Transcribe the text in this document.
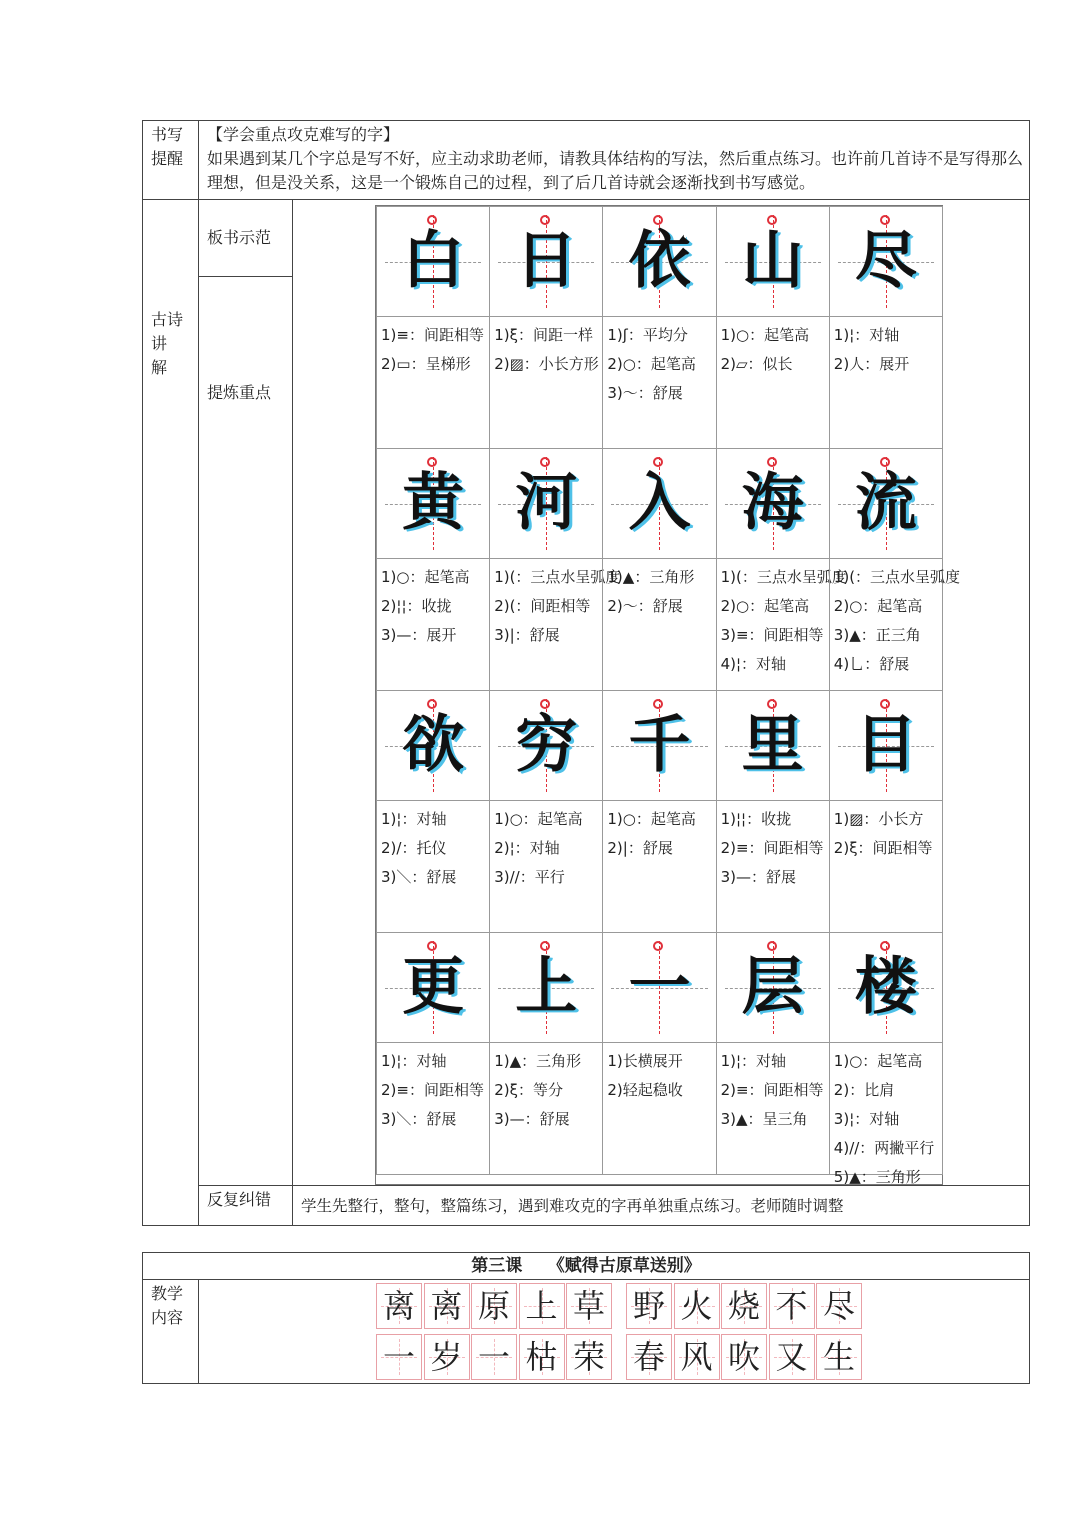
书写
提醒
【学会重点攻克难写的字】
如果遇到某几个字总是写不好，应主动求助老师，请教具体结构的写法，然后重点练习。也许前几首诗不是写得那么理想，但是没关系，这是一个锻炼自己的过程，到了后几首诗就会逐渐找到书写感觉。
古诗
讲
解
板书示范
提炼重点
反复纠错 学生先整行，整句，整篇练习，遇到难攻克的字再单独重点练习。老师随时调整
白
1)≡：间距相等
2)▭：呈梯形
日
1)ξ：间距一样
2)▨：小长方形
依
1)ʃ：平均分
2)○：起笔高
3)～：舒展
山
1)○：起笔高
2)▱：似长
尽
1)¦：对轴
2)人：展开
黄
1)○：起笔高
2)¦¦：收拢
3)—：展开
河
1)(：三点水呈弧度
2)(：间距相等
3)|：舒展
入
1)▲：三角形
2)～：舒展
海
1)(：三点水呈弧度
2)○：起笔高
3)≡：间距相等
4)¦：对轴
流
1)(：三点水呈弧度
2)○：起笔高
3)▲：正三角
4)乚：舒展
欲
1)¦：对轴
2)/：托仪
3)＼：舒展
穷
1)○：起笔高
2)¦：对轴
3)//：平行
千
1)○：起笔高
2)|：舒展
里
1)¦¦：收拢
2)≡：间距相等
3)—：舒展
目
1)▨：小长方
2)ξ：间距相等
更
1)¦：对轴
2)≡：间距相等
3)＼：舒展
上
1)▲：三角形
2)ξ：等分
3)—：舒展
一
1)长横展开
2)轻起稳收
层
1)¦：对轴
2)≡：间距相等
3)▲：呈三角
楼
1)○：起笔高
2)：比肩
3)¦：对轴
4)//：两撇平行
5)▲：三角形
第三课　　《赋得古原草送别》
教学
内容	离 离 原 上 草 野 火 烧 不 尽
一 岁 一 枯 荣 春 风 吹 又 生
